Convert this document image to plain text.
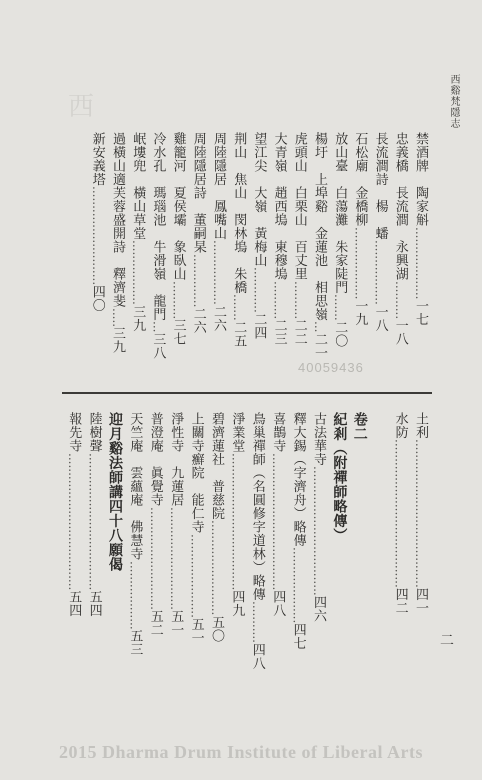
西	西谿梵隱志
二
禁酒牌　陶家斛...................一七
忠義橋　長流澗　永興湖..........一八
長流澗詩　楊　蟠.................一八
石松廟　金橋柳...................一九
放山臺　白蕩灘　朱家陡門.......二〇
楊圩　上埠谿　金蓮池　相思嶺...二一
虎頭山　白栗山　百丈里..........二二
大青嶺　趙西塢　東穆塢..........二三
望江尖　大嶺　黃梅山............二四
荆山　焦山　閔林塢　朱橋.......二五
周陸隱居　鳳嘴山.................二六
周陸隱居詩　董嗣杲..............二六
雞籠河　夏侯壩　象臥山..........三七
冷水孔　瑪瑙池　牛滑嶺　龍門...三八
岷塿兜　橫山草堂.................三九
過橫山適芙蓉盛開詩　釋濟斐.....三九
新安義塔..........................四〇
40059436
土利.......................................四一
水防.......................................四二
卷二
紀剎（附禪師略傳）
古法華寺..................................四六
釋大錫（字濟舟）略傳....................四七
喜鵲寺....................................四八
鳥巢禪師（名圓修字道林）略傳...........四八
淨業堂....................................四九
碧濟蓮社　普慈院.........................五〇
上關寺癬院　能仁寺......................五一
淨性寺　九蓮居...........................五一
普澄庵　眞覺寺...........................五二
天竺庵　雲蘊庵　佛慧寺..................五三
迎月谿法師講四十八願偈
陸樹聲....................................五四
報先寺....................................五四
2015 Dharma Drum Institute of Liberal Arts
